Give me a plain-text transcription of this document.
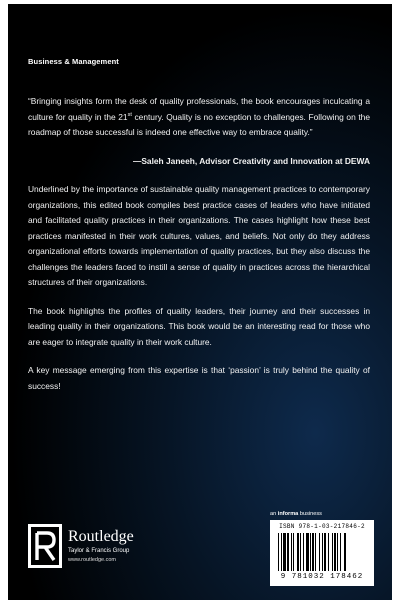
Business & Management

“Bringing insights form the desk of quality professionals, the book encourages inculcating a culture for quality in the 21st century. Quality is no exception to challenges. Following on the roadmap of those successful is indeed one effective way to embrace quality.”

—Saleh Janeeh, Advisor Creativity and Innovation at DEWA

Underlined by the importance of sustainable quality management practices to contemporary organizations, this edited book compiles best practice cases of leaders who have initiated and facilitated quality practices in their organizations. The cases highlight how these best practices manifested in their work cultures, values, and beliefs. Not only do they address organizational efforts towards implementation of quality practices, but they also discuss the challenges the leaders faced to instill a sense of quality in practices across the hierarchical structures of their organizations.

The book highlights the profiles of quality leaders, their journey and their successes in leading quality in their organizations. This book would be an interesting read for those who are eager to integrate quality in their work culture.

A key message emerging from this expertise is that ‘passion’ is truly behind the quality of success!

Routledge
Taylor & Francis Group
www.routledge.com
an informa business
ISBN 978-1-03-217846-2
9 781032 178462
